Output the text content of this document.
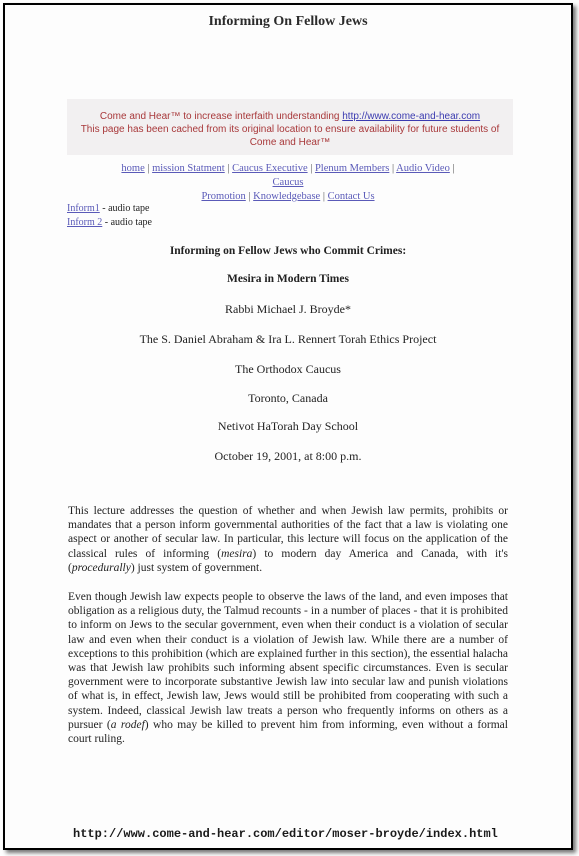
Informing On Fellow Jews
Come and Hear™ to increase interfaith understanding http://www.come-and-hear.com
This page has been cached from its original location to ensure availability for future students of
Come and Hear™
home | mission Statment | Caucus Executive | Plenum Members | Audio Video | Caucus
Promotion | Knowledgebase | Contact Us
Inform1 - audio tape
Inform 2 - audio tape
Informing on Fellow Jews who Commit Crimes:
Mesira in Modern Times
Rabbi Michael J. Broyde*
The S. Daniel Abraham & Ira L. Rennert Torah Ethics Project
The Orthodox Caucus
Toronto, Canada
Netivot HaTorah Day School
October 19, 2001, at 8:00 p.m.
This lecture addresses the question of whether and when Jewish law permits, prohibits or mandates that a person inform governmental authorities of the fact that a law is violating one aspect or another of secular law. In particular, this lecture will focus on the application of the classical rules of informing (mesira) to modern day America and Canada, with it's (procedurally) just system of government.
Even though Jewish law expects people to observe the laws of the land, and even imposes that obligation as a religious duty, the Talmud recounts - in a number of places - that it is prohibited to inform on Jews to the secular government, even when their conduct is a violation of secular law and even when their conduct is a violation of Jewish law. While there are a number of exceptions to this prohibition (which are explained further in this section), the essential halacha was that Jewish law prohibits such informing absent specific circumstances. Even is secular government were to incorporate substantive Jewish law into secular law and punish violations of what is, in effect, Jewish law, Jews would still be prohibited from cooperating with such a system. Indeed, classical Jewish law treats a person who frequently informs on others as a pursuer (a rodef) who may be killed to prevent him from informing, even without a formal court ruling.
http://www.come-and-hear.com/editor/moser-broyde/index.html
